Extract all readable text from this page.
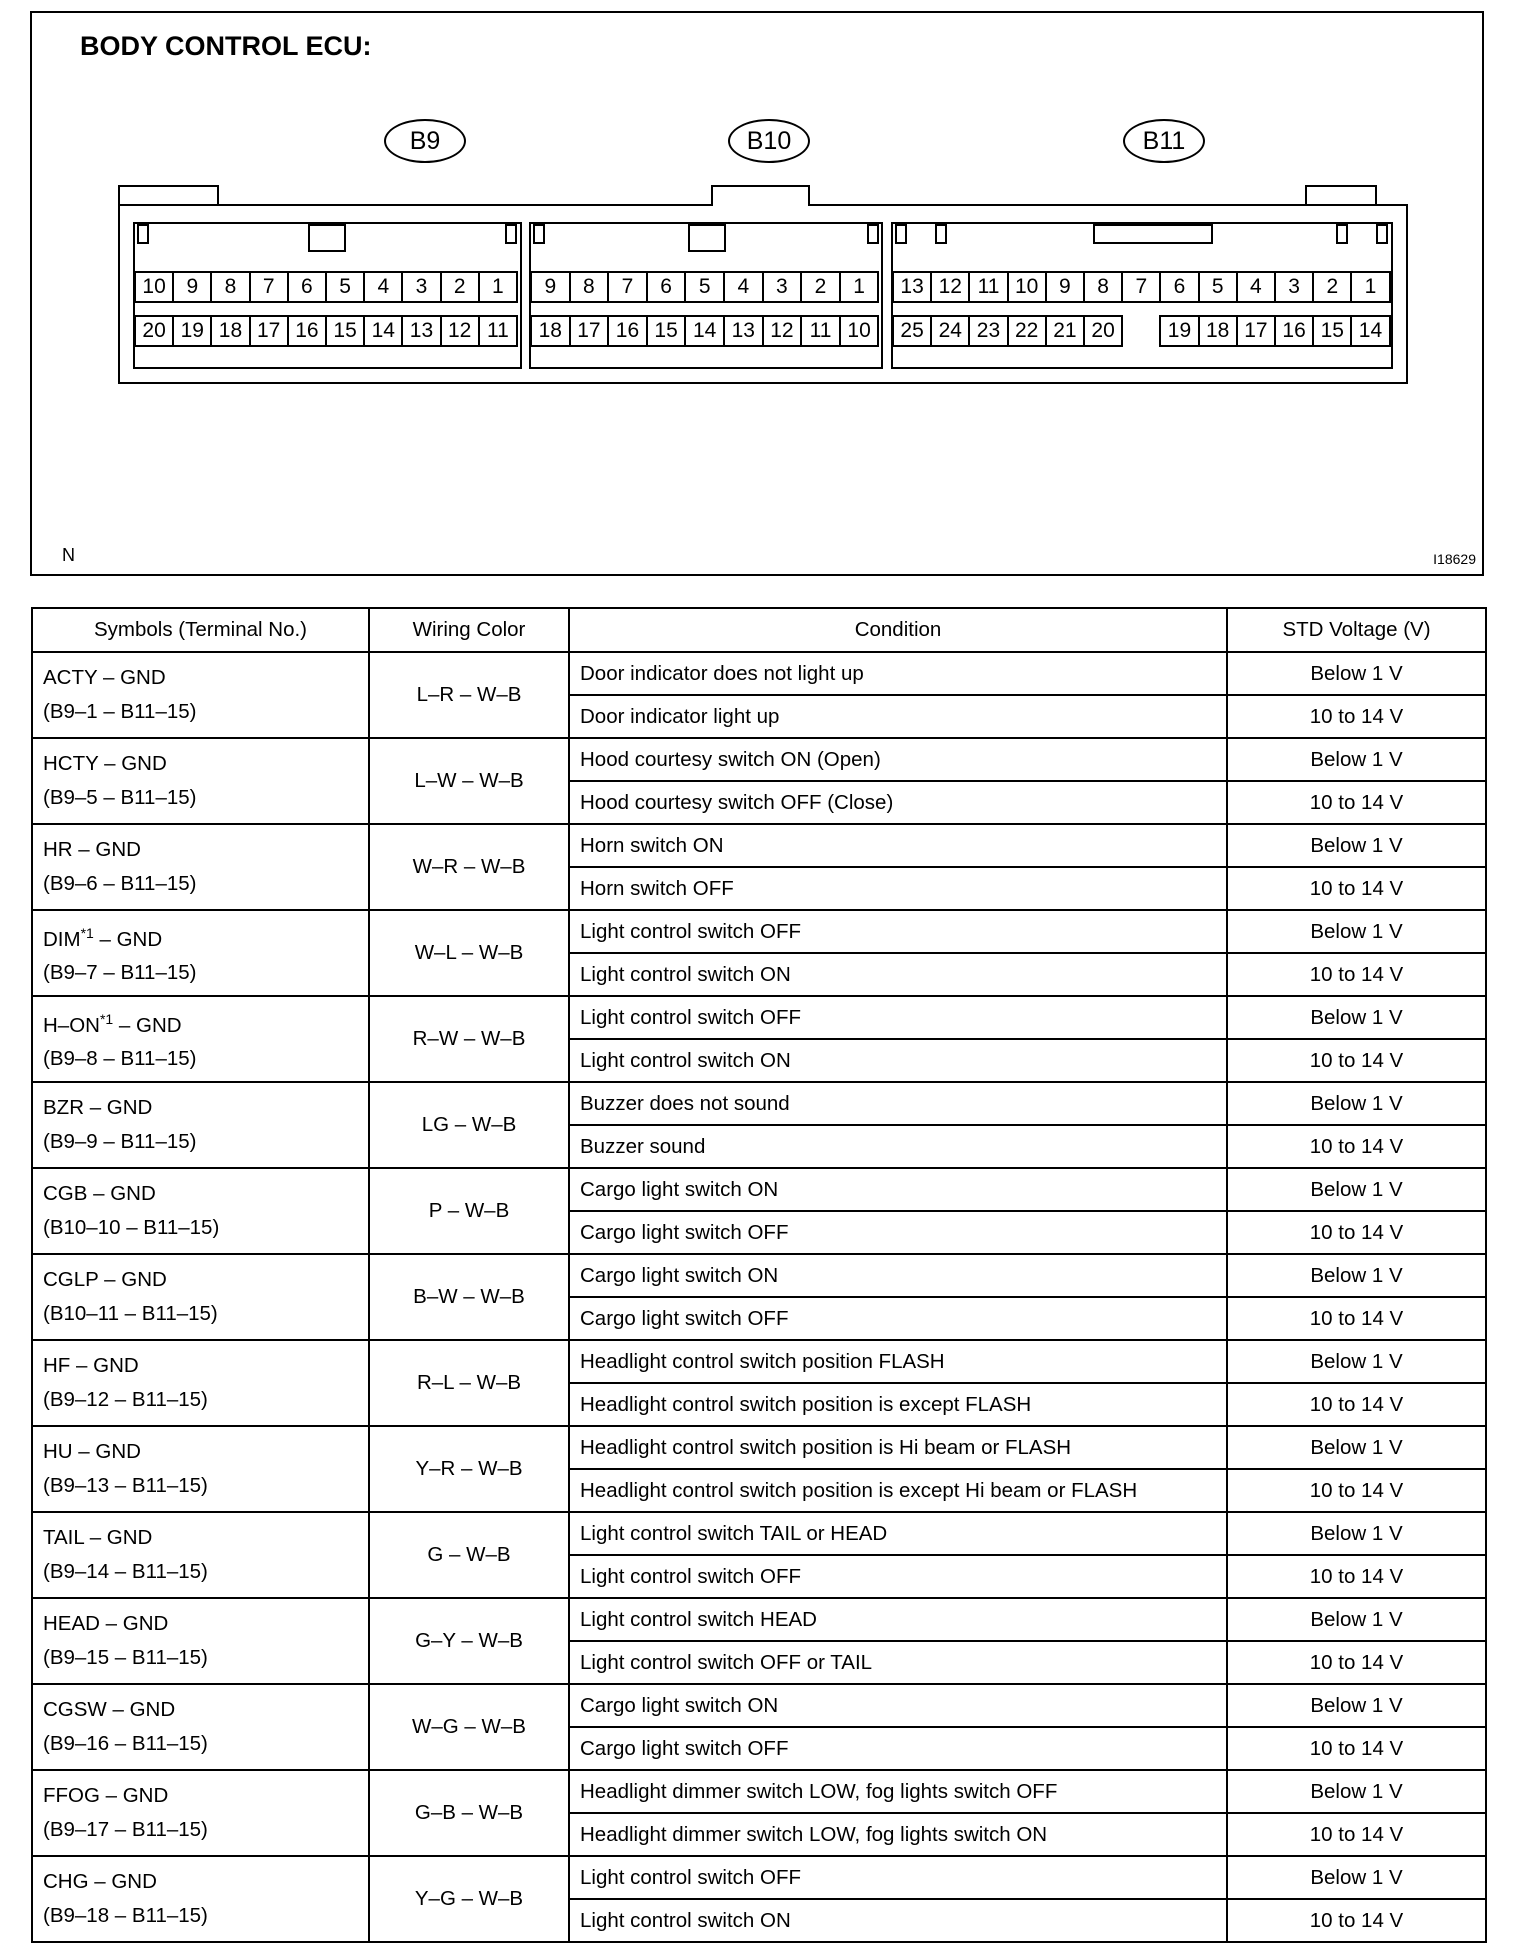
BODY CONTROL ECU:
B9
10 9	8	7	6	5	4	3	2	1
20 19 18 17 16 15 14 13 12 11
B10
9	8	7	6	5	4	3	2	1
18 17 16 15 14 13 12 11 10
B11
13 12 11 10 9	8	7	6	5	4	3	2	1
25 24 23 22 21 20	19 18 17 16 15 14
N	I18629
Symbols (Terminal No.)	Wiring Color	Condition	STD Voltage (V)

ACTY – GND
(B9–1 – B11–15)	L–R – W–B	Door indicator does not light up	Below 1 V
		Door indicator light up	10 to 14 V

HCTY – GND
(B9–5 – B11–15)	L–W – W–B	Hood courtesy switch ON (Open)	Below 1 V
		Hood courtesy switch OFF (Close)	10 to 14 V

HR – GND
(B9–6 – B11–15)	W–R – W–B	Horn switch ON	Below 1 V
		Horn switch OFF	10 to 14 V

DIM$^{*1}$ – GND
(B9–7 – B11–15)	W–L – W–B	Light control switch OFF	Below 1 V
		Light control switch ON	10 to 14 V

H–ON$^{*1}$ – GND
(B9–8 – B11–15)	R–W – W–B	Light control switch OFF	Below 1 V
		Light control switch ON	10 to 14 V

BZR – GND
(B9–9 – B11–15)	LG – W–B	Buzzer does not sound	Below 1 V
		Buzzer sound	10 to 14 V

CGB – GND
(B10–10 – B11–15)	P – W–B	Cargo light switch ON	Below 1 V
		Cargo light switch OFF	10 to 14 V

CGLP – GND
(B10–11 – B11–15)	B–W – W–B	Cargo light switch ON	Below 1 V
		Cargo light switch OFF	10 to 14 V

HF – GND
(B9–12 – B11–15)	R–L – W–B	Headlight control switch position FLASH	Below 1 V
		Headlight control switch position is except FLASH	10 to 14 V

HU – GND
(B9–13 – B11–15)	Y–R – W–B	Headlight control switch position is Hi beam or FLASH	Below 1 V
		Headlight control switch position is except Hi beam or FLASH	10 to 14 V

TAIL – GND
(B9–14 – B11–15)	G – W–B	Light control switch TAIL or HEAD	Below 1 V
		Light control switch OFF	10 to 14 V

HEAD – GND
(B9–15 – B11–15)	G–Y – W–B	Light control switch HEAD	Below 1 V
		Light control switch OFF or TAIL	10 to 14 V

CGSW – GND
(B9–16 – B11–15)	W–G – W–B	Cargo light switch ON	Below 1 V
		Cargo light switch OFF	10 to 14 V

FFOG – GND
(B9–17 – B11–15)	G–B – W–B	Headlight dimmer switch LOW, fog lights switch OFF	Below 1 V
		Headlight dimmer switch LOW, fog lights switch ON	10 to 14 V

CHG – GND
(B9–18 – B11–15)	Y–G – W–B	Light control switch OFF	Below 1 V
		Light control switch ON	10 to 14 V
